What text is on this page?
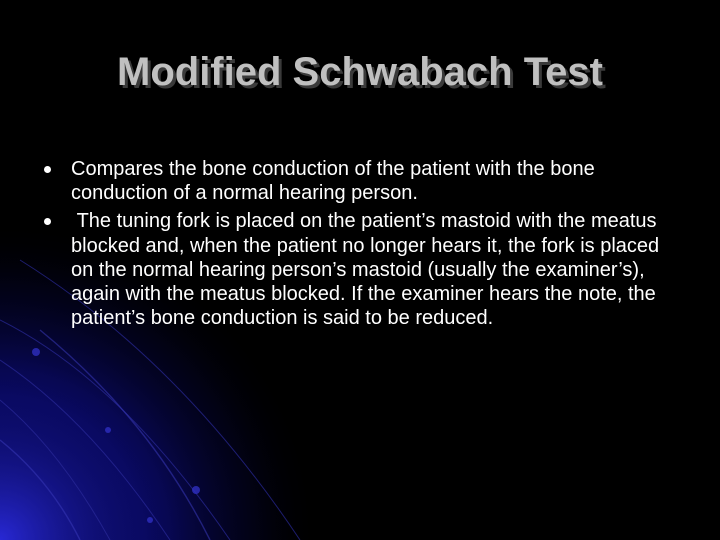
Modified Schwabach Test
Compares the bone conduction of the patient with the bone conduction of a normal hearing person.
The tuning fork is placed on the patient’s mastoid with the meatus blocked and, when the patient no longer hears it, the fork is placed on the normal hearing person’s mastoid (usually the examiner’s), again with the meatus blocked. If the examiner hears the note, the patient’s bone conduction is said to be reduced.
